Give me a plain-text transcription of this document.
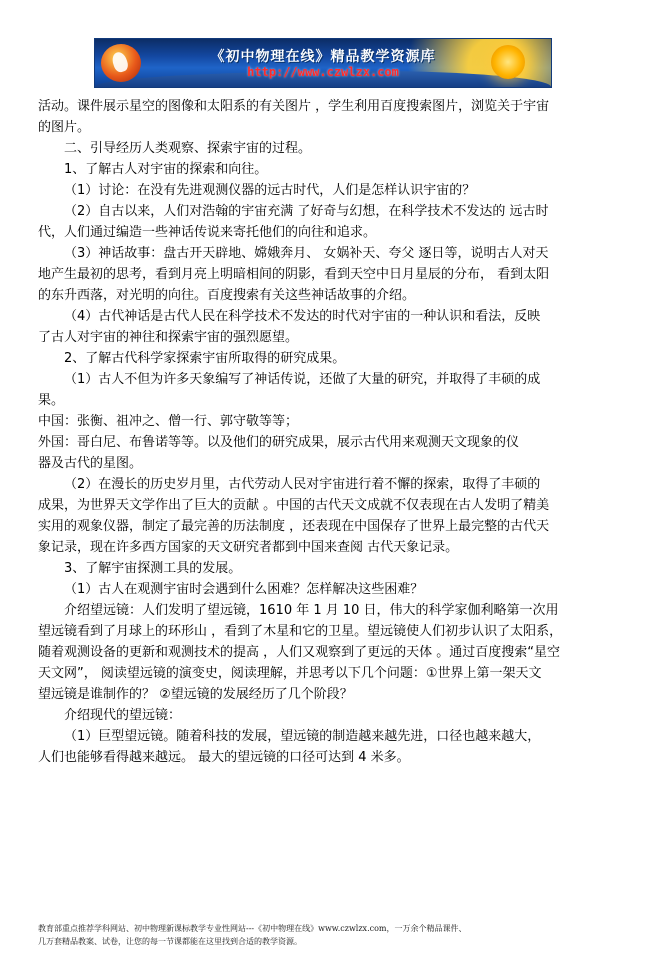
《初中物理在线》精品教学资源库
http://www.czwlzx.com

活动。课件展示星空的图像和太阳系的有关图片 ，学生利用百度搜索图片，浏览关于宇宙

的图片。

二、引导经历人类观察、探索宇宙的过程。

1、了解古人对宇宙的探索和向往。

（1）讨论：在没有先进观测仪器的远古时代，人们是怎样认识宇宙的？

（2）自古以来，人们对浩翰的宇宙充满 了好奇与幻想，在科学技术不发达的 远古时

代，人们通过编造一些神话传说来寄托他们的向往和追求。

（3）神话故事：盘古开天辟地、嫦娥奔月、 女娲补天、夸父 逐日等，说明古人对天

地产生最初的思考，看到月亮上明暗相间的阴影，看到天空中日月星辰的分布， 看到太阳

的东升西落，对光明的向往。百度搜索有关这些神话故事的介绍。

（4）古代神话是古代人民在科学技术不发达的时代对宇宙的一种认识和看法，反映

了古人对宇宙的神往和探索宇宙的强烈愿望。

2、了解古代科学家探索宇宙所取得的研究成果。

（1）古人不但为许多天象编写了神话传说，还做了大量的研究，并取得了丰硕的成

果。

中国：张衡、祖冲之、僧一行、郭守敬等等；

外国：哥白尼、布鲁诺等等。以及他们的研究成果，展示古代用来观测天文现象的仪

器及古代的星图。

（2）在漫长的历史岁月里，古代劳动人民对宇宙进行着不懈的探索，取得了丰硕的

成果，为世界天文学作出了巨大的贡献 。中国的古代天文成就不仅表现在古人发明了精美

实用的观象仪器，制定了最完善的历法制度 ，还表现在中国保存了世界上最完整的古代天

象记录，现在许多西方国家的天文研究者都到中国来查阅 古代天象记录。

3、了解宇宙探测工具的发展。

（1）古人在观测宇宙时会遇到什么困难？怎样解决这些困难？

介绍望远镜：人们发明了望远镜，1610 年 1 月 10 日，伟大的科学家伽利略第一次用

望远镜看到了月球上的环形山 ，看到了木星和它的卫星。望远镜使人们初步认识了太阳系，

随着观测设备的更新和观测技术的提高 ，人们又观察到了更远的天体 。通过百度搜索“星空

天文网”， 阅读望远镜的演变史，阅读理解，并思考以下几个问题：①世界上第一架天文

望远镜是谁制作的？ ②望远镜的发展经历了几个阶段？

介绍现代的望远镜：

（1）巨型望远镜。随着科技的发展，望远镜的制造越来越先进，口径也越来越大，

人们也能够看得越来越远。 最大的望远镜的口径可达到 4 米多。

教育部重点推荐学科网站、初中物理新课标教学专业性网站---《初中物理在线》www.czwlzx.com，一万余个精品课件、

几万套精品教案、试卷，让您的每一节课都能在这里找到合适的教学资源。
